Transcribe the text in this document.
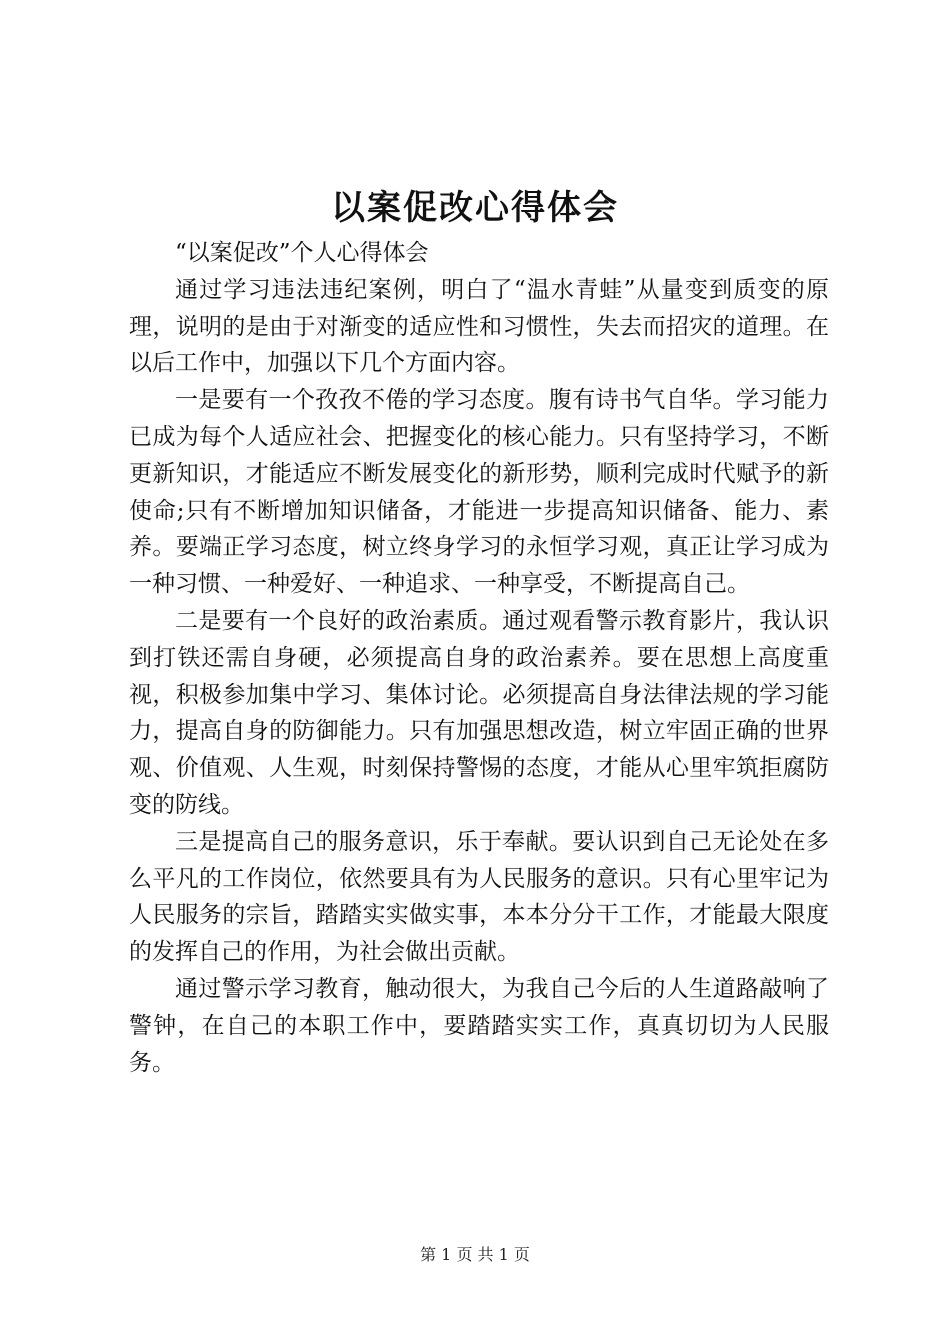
以案促改心得体会

“以案促改”个人心得体会

通过学习违法违纪案例，明白了“温水青蛙”从量变到质变的原理，说明的是由于对渐变的适应性和习惯性，失去而招灾的道理。在以后工作中，加强以下几个方面内容。

一是要有一个孜孜不倦的学习态度。腹有诗书气自华。学习能力已成为每个人适应社会、把握变化的核心能力。只有坚持学习，不断更新知识，才能适应不断发展变化的新形势，顺利完成时代赋予的新使命;只有不断增加知识储备，才能进一步提高知识储备、能力、素养。要端正学习态度，树立终身学习的永恒学习观，真正让学习成为一种习惯、一种爱好、一种追求、一种享受，不断提高自己。

二是要有一个良好的政治素质。通过观看警示教育影片，我认识到打铁还需自身硬，必须提高自身的政治素养。要在思想上高度重视，积极参加集中学习、集体讨论。必须提高自身法律法规的学习能力，提高自身的防御能力。只有加强思想改造，树立牢固正确的世界观、价值观、人生观，时刻保持警惕的态度，才能从心里牢筑拒腐防变的防线。

三是提高自己的服务意识，乐于奉献。要认识到自己无论处在多么平凡的工作岗位，依然要具有为人民服务的意识。只有心里牢记为人民服务的宗旨，踏踏实实做实事，本本分分干工作，才能最大限度的发挥自己的作用，为社会做出贡献。

通过警示学习教育，触动很大，为我自己今后的人生道路敲响了警钟，在自己的本职工作中，要踏踏实实工作，真真切切为人民服务。

第 1 页 共 1 页
